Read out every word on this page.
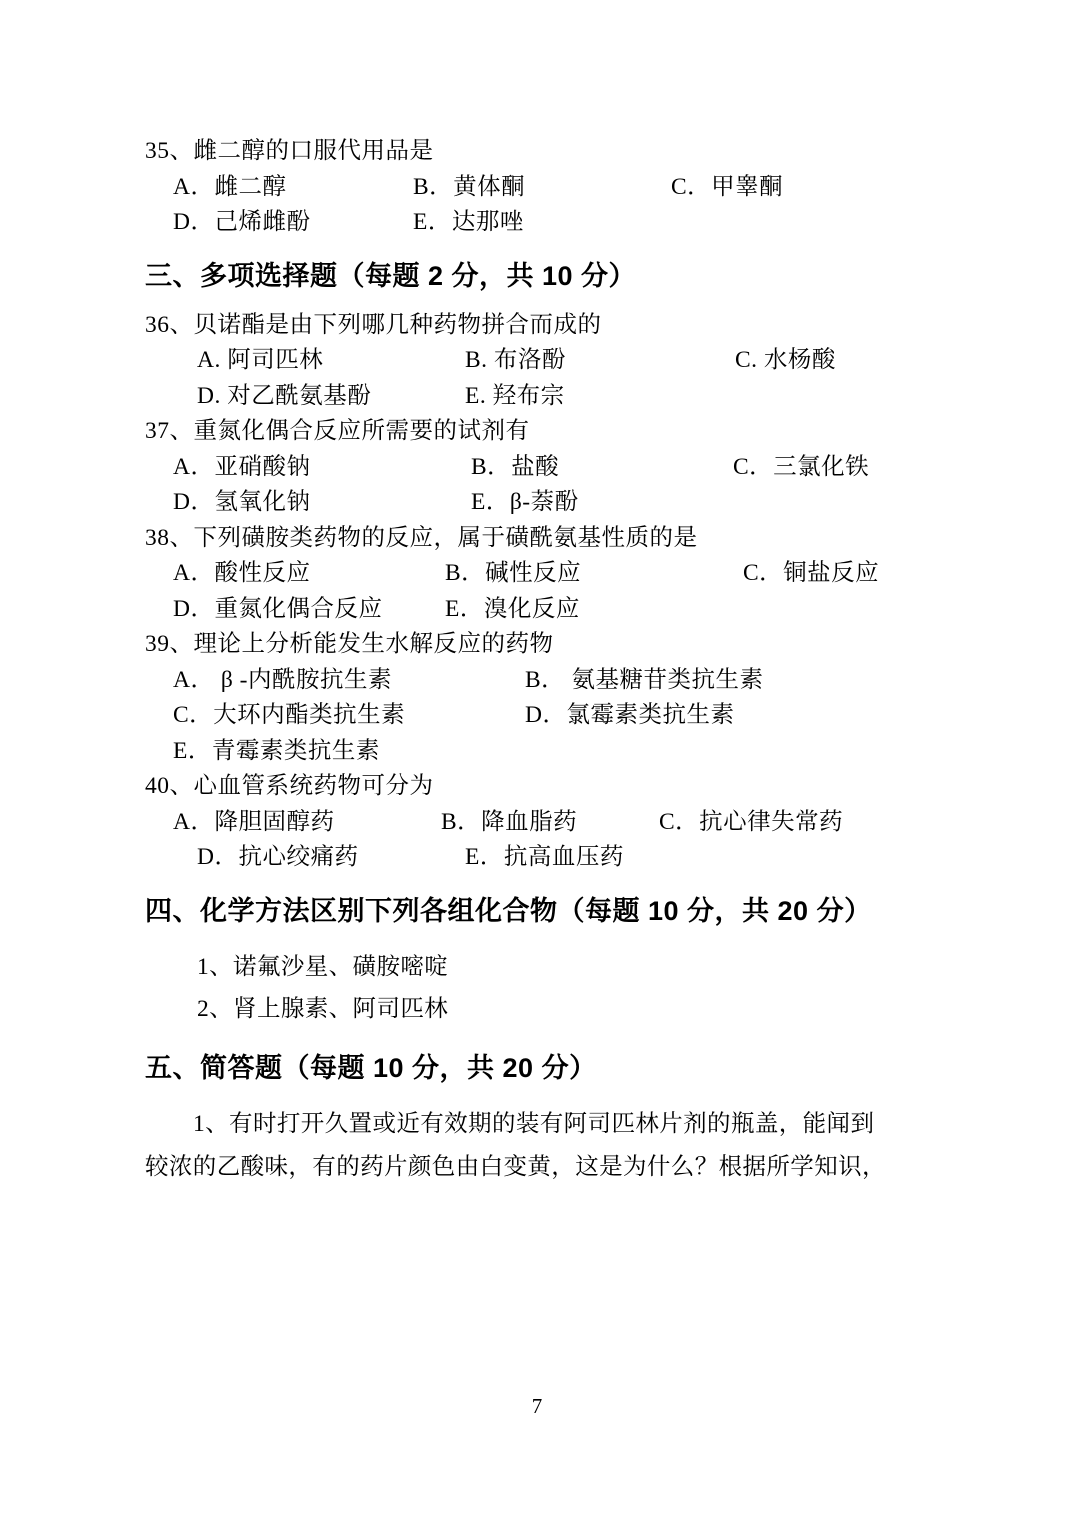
35、雌二醇的口服代用品是
A．雌二醇	B．黄体酮	C．甲睾酮
D．己烯雌酚	E．达那唑
三、多项选择题（每题 2 分，共 10 分）
36、贝诺酯是由下列哪几种药物拼合而成的
A. 阿司匹林	B. 布洛酚	C. 水杨酸
D. 对乙酰氨基酚	E. 羟布宗
37、重氮化偶合反应所需要的试剂有
A．亚硝酸钠	B．盐酸	C．三氯化铁
D．氢氧化钠	E．β-萘酚
38、下列磺胺类药物的反应，属于磺酰氨基性质的是
A．酸性反应	B．碱性反应	C．铜盐反应
D．重氮化偶合反应	E．溴化反应
39、理论上分析能发生水解反应的药物
A． β -内酰胺抗生素	B． 氨基糖苷类抗生素
C．大环内酯类抗生素	D．氯霉素类抗生素
E．青霉素类抗生素
40、心血管系统药物可分为
A．降胆固醇药	B．降血脂药	C．抗心律失常药
D．抗心绞痛药	E．抗高血压药
四、化学方法区别下列各组化合物（每题 10 分，共 20 分）
1、诺氟沙星、磺胺嘧啶
2、肾上腺素、阿司匹林
五、简答题（每题 10 分，共 20 分）
1、有时打开久置或近有效期的装有阿司匹林片剂的瓶盖，能闻到
较浓的乙酸味，有的药片颜色由白变黄，这是为什么？根据所学知识，
7
